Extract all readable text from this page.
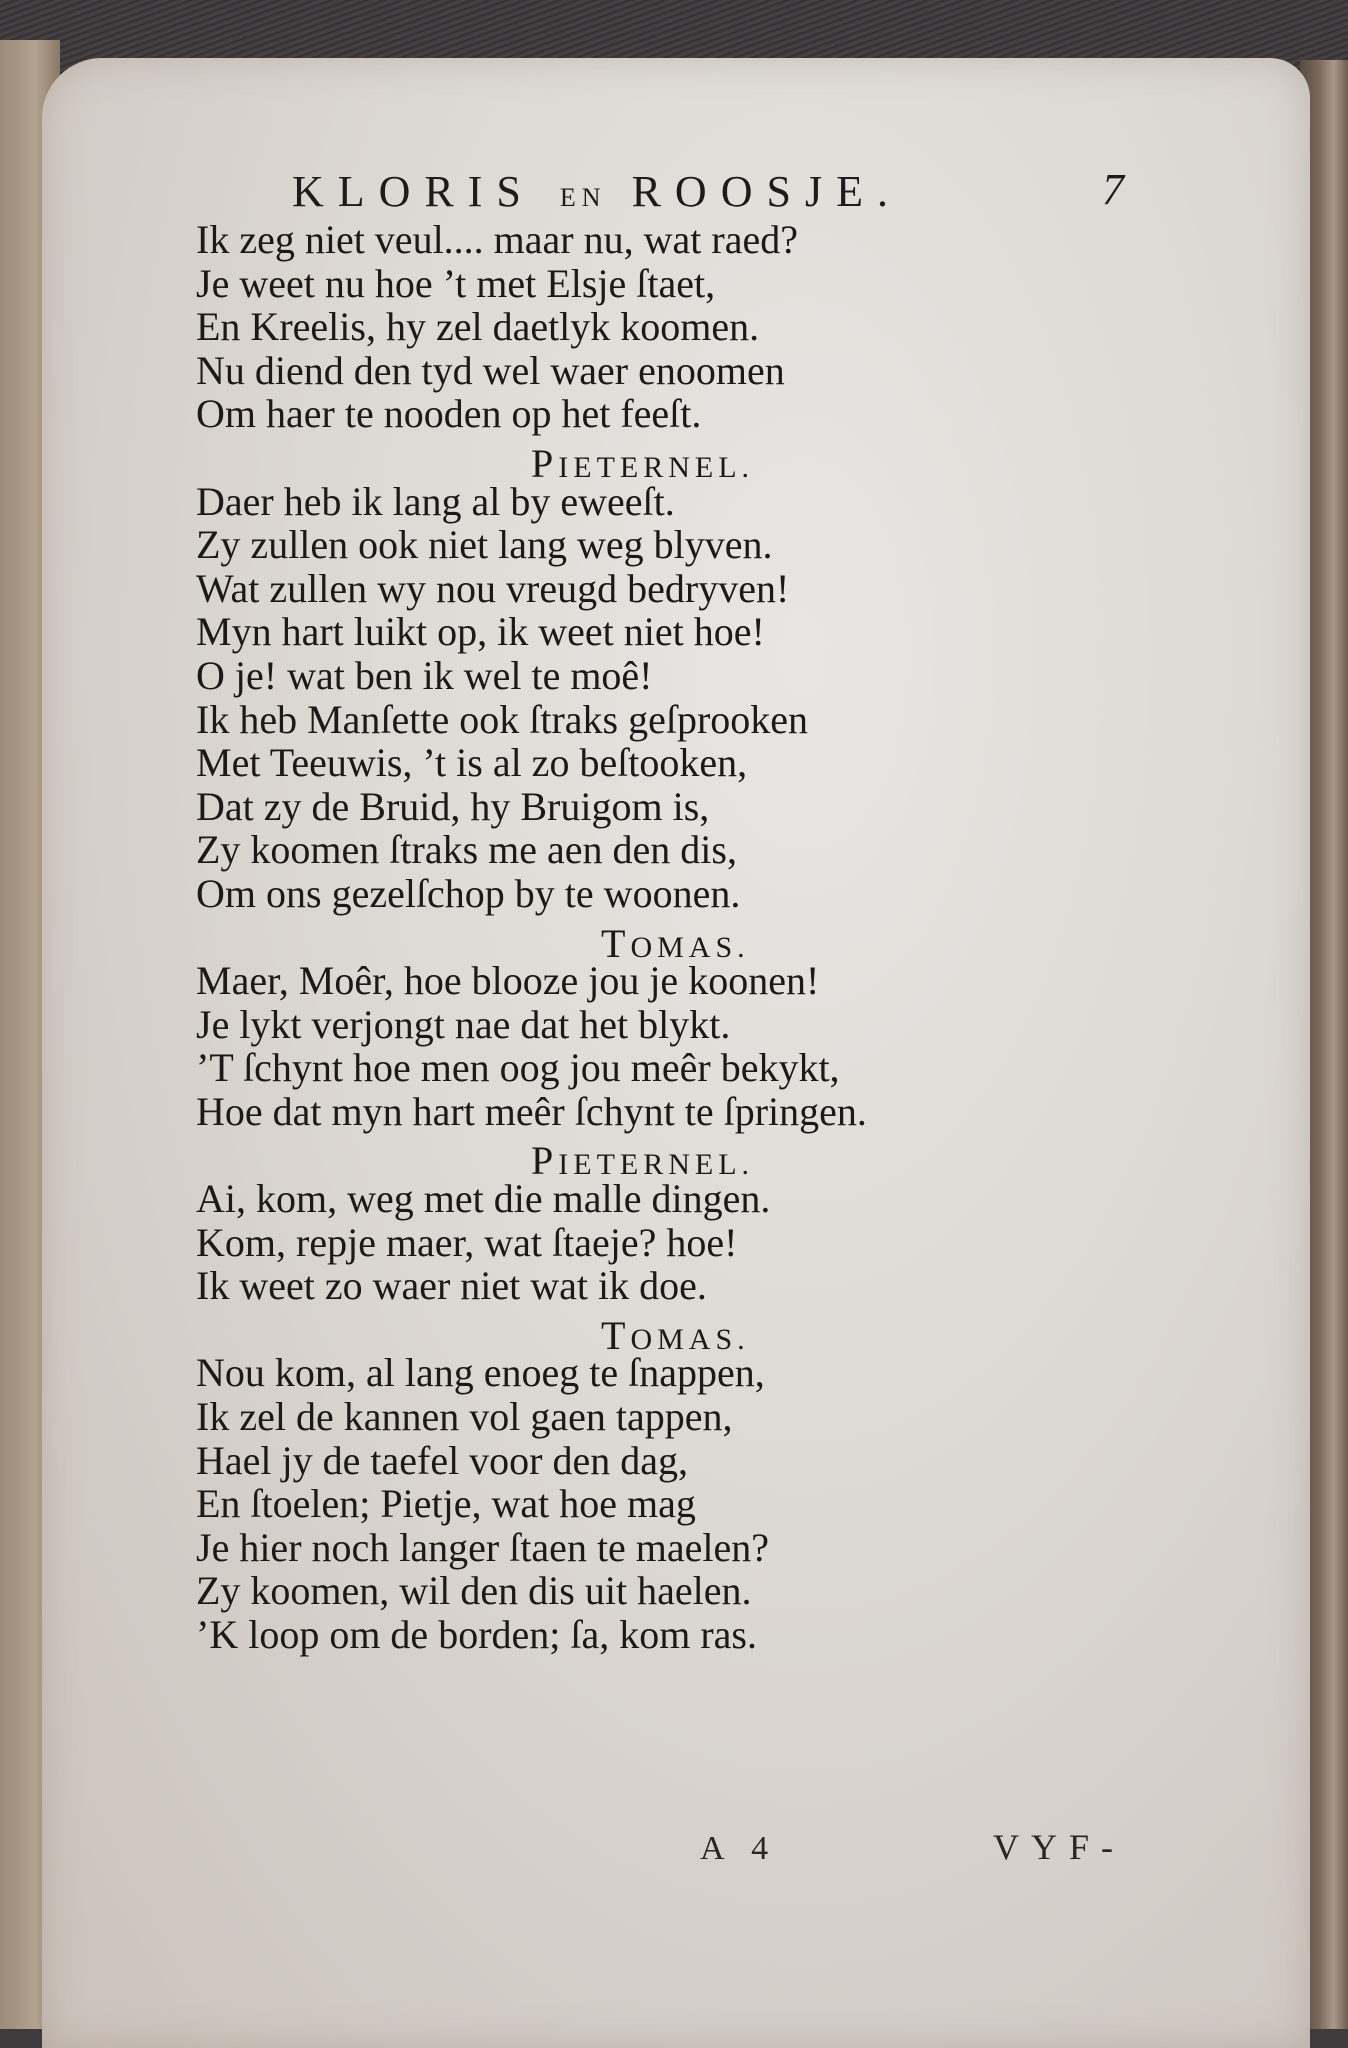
KLORIS EN ROOSJE.	7
Ik zeg niet veul.... maar nu, wat raed?
Je weet nu hoe ’t met Elsje ſtaet,
En Kreelis, hy zel daetlyk koomen.
Nu diend den tyd wel waer enoomen
Om haer te nooden op het feeſt.
PIETERNEL.
Daer heb ik lang al by eweeſt.
Zy zullen ook niet lang weg blyven.
Wat zullen wy nou vreugd bedryven!
Myn hart luikt op, ik weet niet hoe!
O je! wat ben ik wel te moê!
Ik heb Manſette ook ſtraks geſprooken
Met Teeuwis, ’t is al zo beſtooken,
Dat zy de Bruid, hy Bruigom is,
Zy koomen ſtraks me aen den dis,
Om ons gezelſchop by te woonen.
TOMAS.
Maer, Moêr, hoe blooze jou je koonen!
Je lykt verjongt nae dat het blykt.
’T ſchynt hoe men oog jou meêr bekykt,
Hoe dat myn hart meêr ſchynt te ſpringen.
PIETERNEL.
Ai, kom, weg met die malle dingen.
Kom, repje maer, wat ſtaeje? hoe!
Ik weet zo waer niet wat ik doe.
TOMAS.
Nou kom, al lang enoeg te ſnappen,
Ik zel de kannen vol gaen tappen,
Hael jy de taefel voor den dag,
En ſtoelen; Pietje, wat hoe mag
Je hier noch langer ſtaen te maelen?
Zy koomen, wil den dis uit haelen.
’K loop om de borden; ſa, kom ras.
A 4	VYF-
